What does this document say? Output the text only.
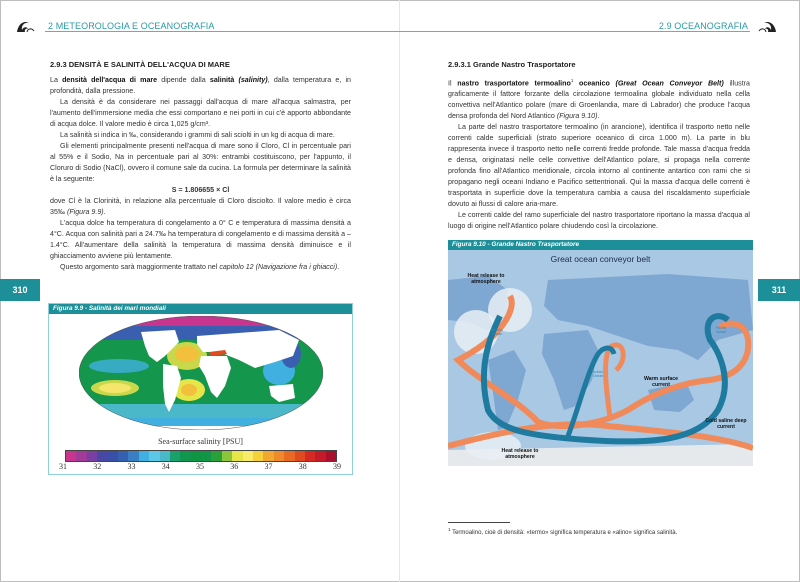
2 METEOROLOGIA E OCEANOGRAFIA
2.9.3 DENSITÀ E SALINITÀ DELL'ACQUA DI MARE

La densità dell'acqua di mare dipende dalla salinità (salinity), dalla temperatura e, in profondità, dalla pressione.

La densità è da considerare nei passaggi dall'acqua di mare all'acqua salmastra, per l'aumento dell'immersione media che essi comportano e nei porti in cui c'è apporto abbondante di acqua dolce. Il valore medio è circa 1,025 g/cm³.

La salinità si indica in ‰, considerando i grammi di sali sciolti in un kg di acqua di mare.

Gli elementi principalmente presenti nell'acqua di mare sono il Cloro, Cl in percentuale pari al 55% e il Sodio, Na in percentuale pari al 30%: entrambi costituiscono, per l'appunto, il Cloruro di Sodio (NaCl), ovvero il comune sale da cucina. La formula per determinare la salinità è la seguente:

S = 1.806655 × Cl

dove Cl è la Clorinità, in relazione alla percentuale di Cloro disciolto. Il valore medio è circa 35‰ (Figura 9.9).

L'acqua dolce ha temperatura di congelamento a 0° C e temperatura di massima densità a 4°C. Acqua con salinità pari a 24.7‰ ha temperatura di congelamento e di massima densità a –1.4°C. All'aumentare della salinità la temperatura di massima densità diminuisce e il ghiacciamento avviene più lentamente.

Questo argomento sarà maggiormente trattato nel capitolo 12 (Navigazione fra i ghiacci).

310
Figura 9.9 - Salinità dei mari mondiali
Sea-surface salinity [PSU]
31	32	33	34	35	36	37	38	39
2.9 OCEANOGRAFIA
2.9.3.1 Grande Nastro Trasportatore

Il nastro trasportatore termoalino$^1$ oceanico (Great Ocean Conveyor Belt) illustra graficamente il fattore forzante della circolazione termoalina globale individuato nella cella convettiva nell'Atlantico polare (mare di Groenlandia, mare di Labrador) che produce l'acqua densa profonda del Nord Atlantico (Figura 9.10).

La parte del nastro trasportatore termoalino (in arancione), identifica il trasporto netto nelle correnti calde superficiali (strato superiore oceanico di circa 1.000 m). La parte in blu rappresenta invece il trasporto netto nelle correnti fredde profonde. Tale massa d'acqua fredda e densa, originatasi nelle celle convettive dell'Atlantico polare, si propaga nella corrente profonda fino all'Atlantico meridionale, circola intorno al continente antartico con rami che si propagano negli oceani Indiano e Pacifico settentrionali. Qui la massa d'acqua delle correnti è trasportata in superficie dove la temperatura cambia a causa del riscaldamento superficiale dovuto ai flussi di calore aria-mare.

Le correnti calde del ramo superficiale del nastro trasportatore riportano la massa d'acqua al luogo di origine nell'Atlantico polare chiudendo così la circolazione.

311
Figura 9.10 - Grande Nastro Trasportatore
Great ocean conveyor belt
Heat release to atmosphere
Heat release to atmosphere
Warm surface current
Cold saline deep current
Atlantic Ocean
Indian Ocean
Pacific Ocean
$^1$ Termoalino, cioè di densità: «termo» significa temperatura e «alino» significa salinità.
